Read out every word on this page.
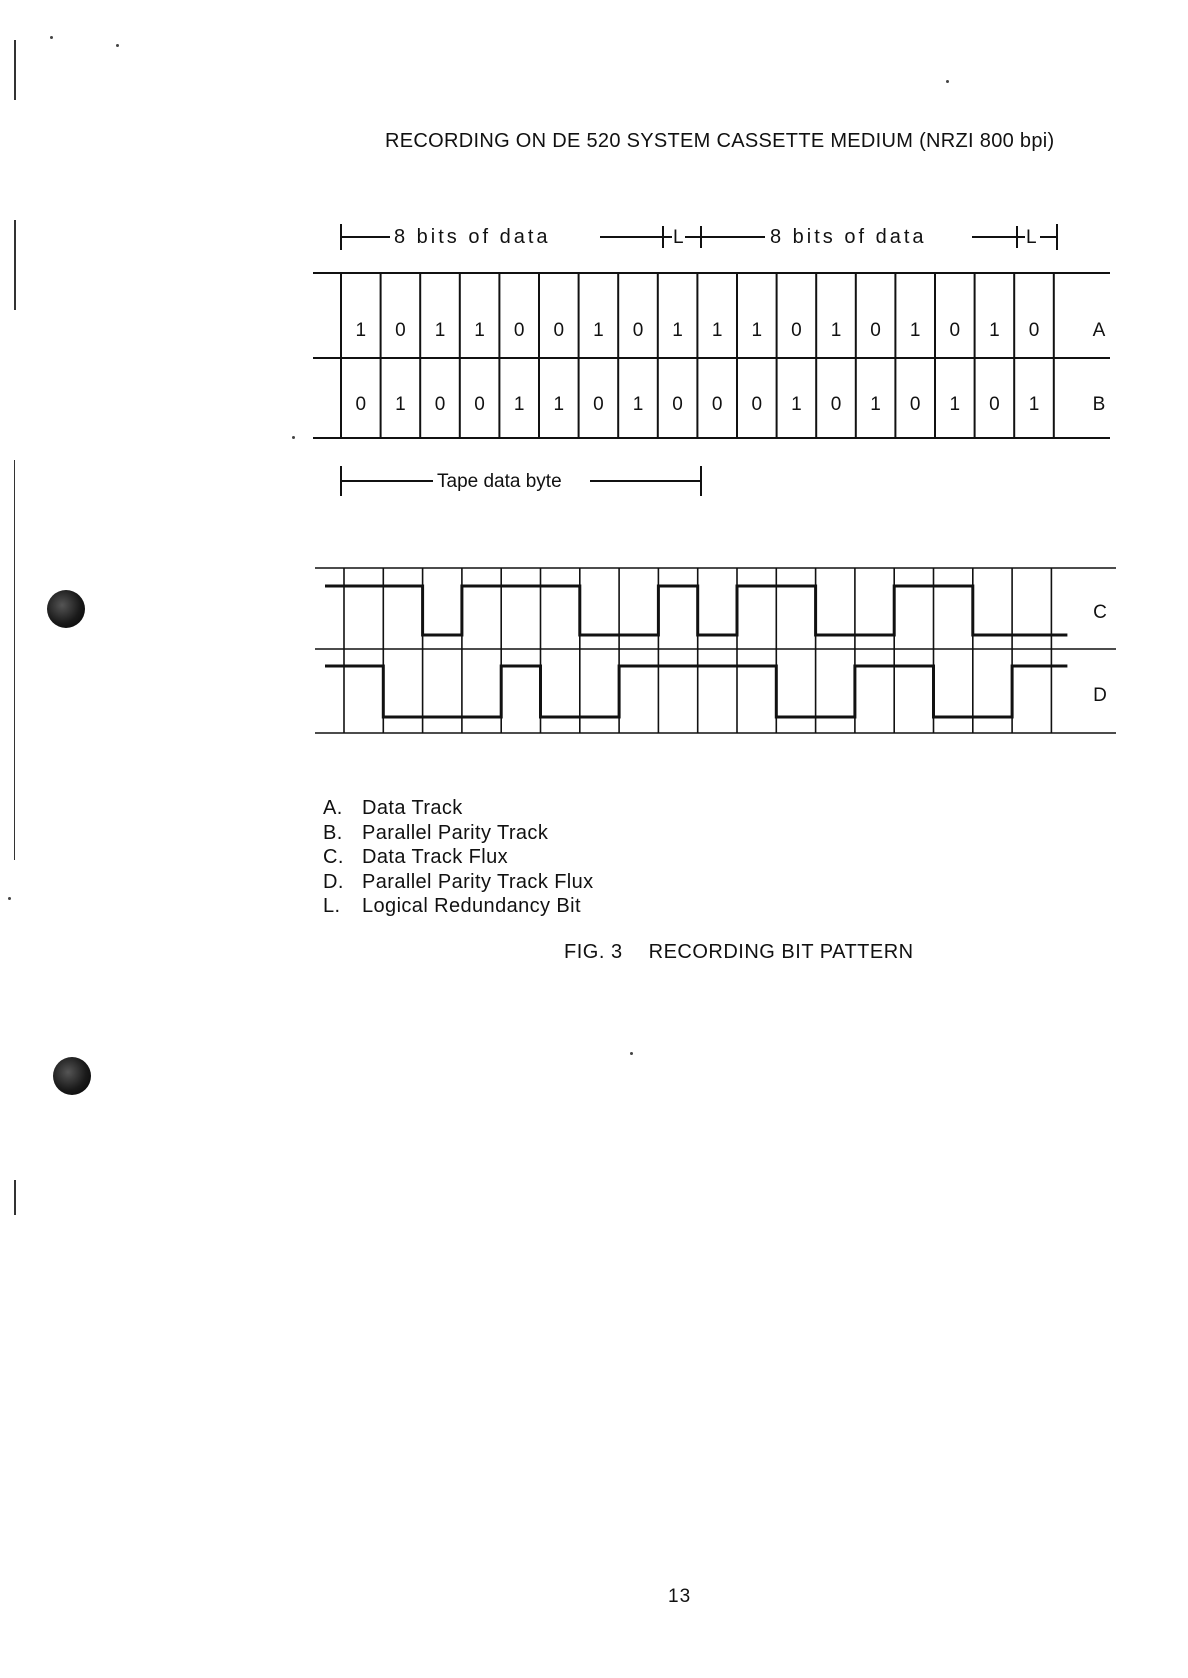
RECORDING ON DE 520 SYSTEM CASSETTE MEDIUM (NRZI 800 bpi)
8 bits of data	L	8 bits of data	L
Tape data byte
1 0 1 1 0 0 1 0 1 1 1 0 1 0 1 0 1 0
0 1 0 0 1 1 0 1 0 0 0 1 0 1 0 1 0 1
A
B
C
D
A. Data Track
B. Parallel Parity Track
C. Data Track Flux
D. Parallel Parity Track Flux
L.	Logical Redundancy Bit
FIG. 3 RECORDING BIT PATTERN
13
